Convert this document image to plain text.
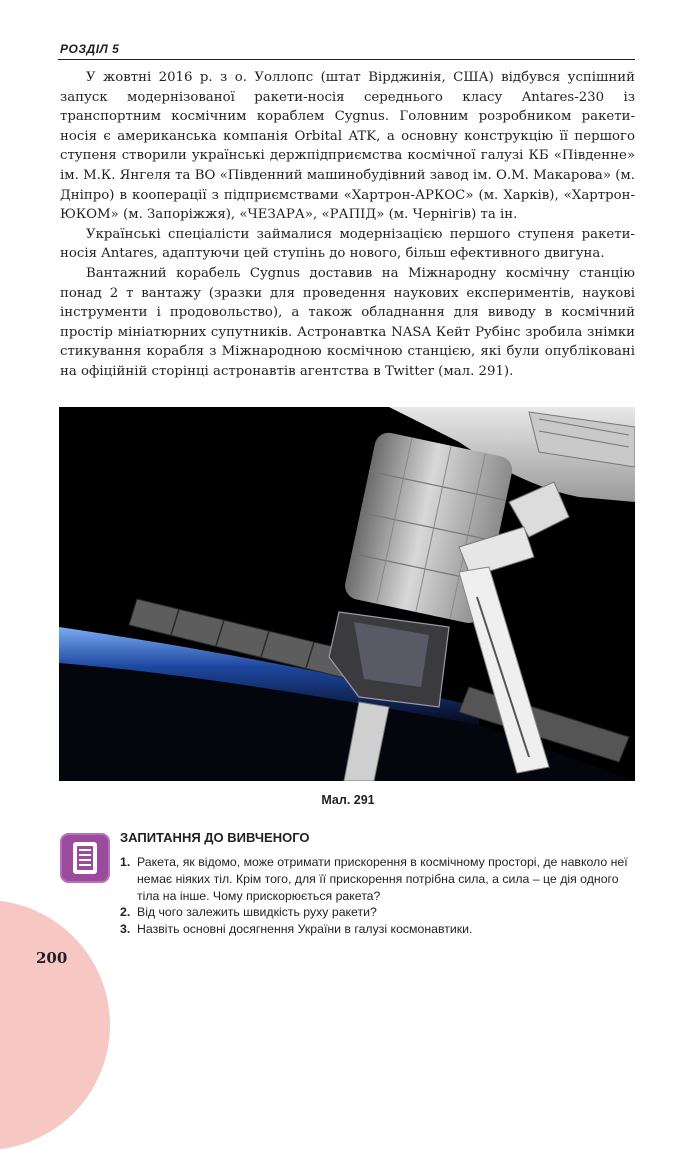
РОЗДІЛ 5

У жовтні 2016 р. з о. Уоллопс (штат Вірджинія, США) відбувся успішний запуск модернізованої ракети-носія середнього класу Antares-230 із транспортним космічним кораблем Cygnus. Головним розробником ракети-носія є американська компанія Orbital ATK, а основну конструкцію її першого ступеня створили українські держпідприємства космічної галузі КБ «Південне» ім. М.К. Янгеля та ВО «Південний машинобудівний завод ім. О.М. Макарова» (м. Дніпро) в кооперації з підприємствами «Хартрон-АРКОС» (м. Харків), «Хартрон-ЮКОМ» (м. Запоріжжя), «ЧЕЗАРА», «РАПІД» (м. Чернігів) та ін.

Українські спеціалісти займалися модернізацією першого ступеня ракети-носія Antares, адаптуючи цей ступінь до нового, більш ефективного двигуна.

Вантажний корабель Cygnus доставив на Міжнародну космічну станцію понад 2 т вантажу (зразки для проведення наукових експериментів, наукові інструменти і продовольство), а також обладнання для виводу в космічний простір мініатюрних супутників. Астронавтка NASA Кейт Рубінс зробила знімки стикування корабля з Міжнародною космічною станцією, які були опубліковані на офіційній сторінці астронавтів агентства в Twitter (мал. 291).

Мал. 291
ЗАПИТАННЯ ДО ВИВЧЕНОГО
1. Ракета, як відомо, може отримати прискорення в космічному просторі, де навколо неї немає ніяких тіл. Крім того, для її прискорення потрібна сила, а сила – це дія одного тіла на інше. Чому прискорюється ракета?
2. Від чого залежить швидкість руху ракети?
3. Назвіть основні досягнення України в галузі космонавтики.
200
